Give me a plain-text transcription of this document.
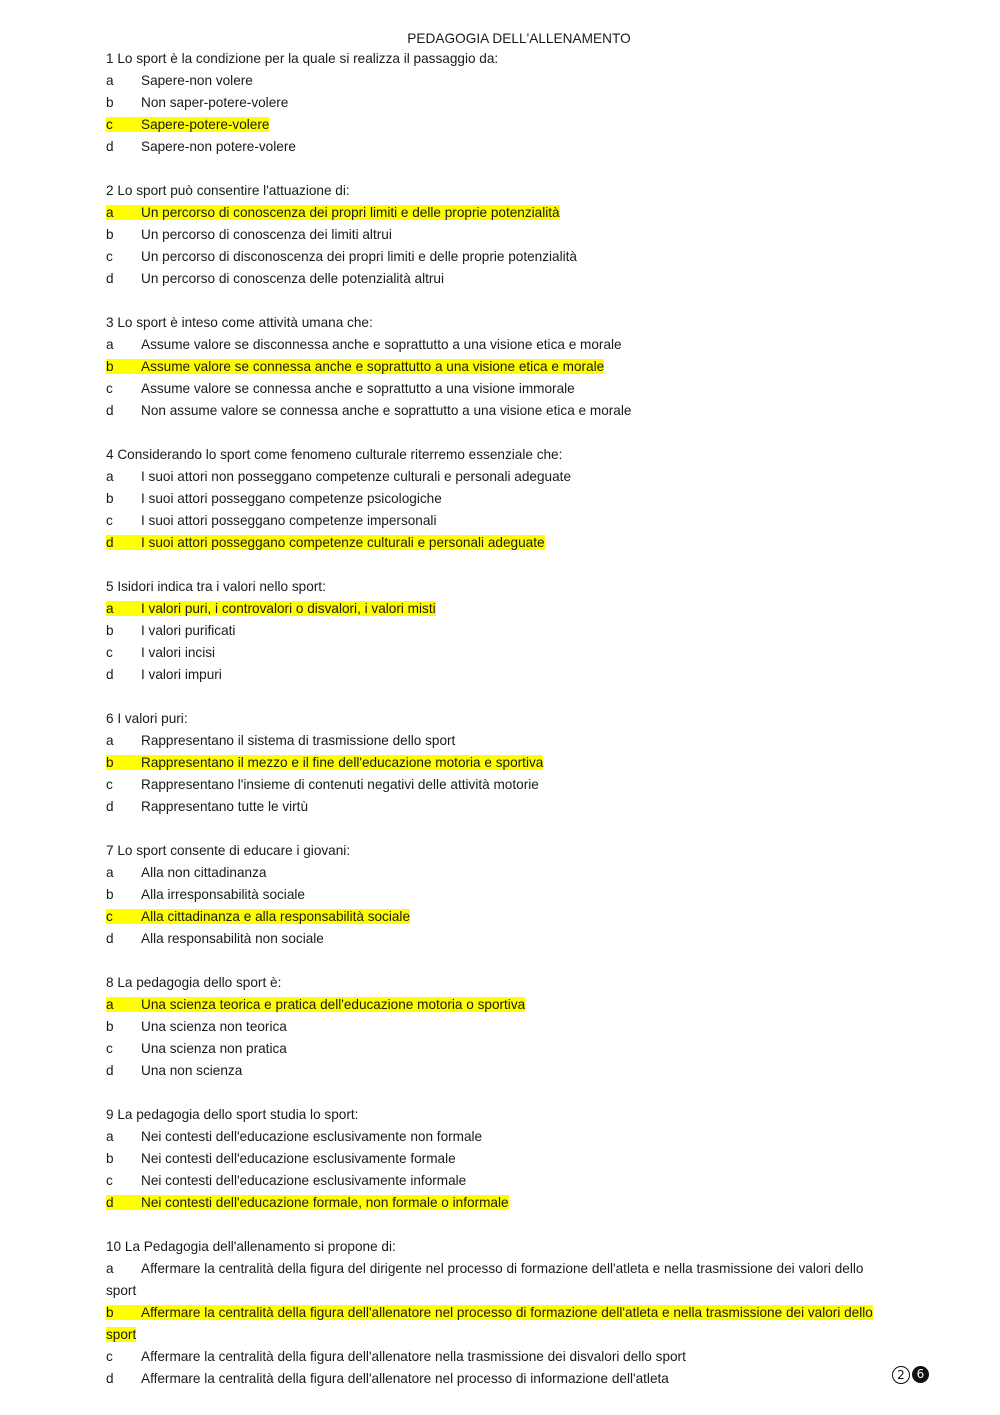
PEDAGOGIA DELL'ALLENAMENTO
1 Lo sport è la condizione per la quale si realizza il passaggio da:
a Sapere-non volere
b Non saper-potere-volere
c Sapere-potere-volere
d Sapere-non potere-volere
2 Lo sport può consentire l'attuazione di:
a Un percorso di conoscenza dei propri limiti e delle proprie potenzialità
b Un percorso di conoscenza dei limiti altrui
c Un percorso di disconoscenza dei propri limiti e delle proprie potenzialità
d Un percorso di conoscenza delle potenzialità altrui
3 Lo sport è inteso come attività umana che:
a Assume valore se disconnessa anche e soprattutto a una visione etica e morale
b Assume valore se connessa anche e soprattutto a una visione etica e morale
c Assume valore se connessa anche e soprattutto a una visione immorale
d Non assume valore se connessa anche e soprattutto a una visione etica e morale
4 Considerando lo sport come fenomeno culturale riterremo essenziale che:
a I suoi attori non posseggano competenze culturali e personali adeguate
b I suoi attori posseggano competenze psicologiche
c I suoi attori posseggano competenze impersonali
d I suoi attori posseggano competenze culturali e personali adeguate
5 Isidori indica tra i valori nello sport:
a I valori puri, i controvalori o disvalori, i valori misti
b I valori purificati
c I valori incisi
d I valori impuri
6 I valori puri:
a Rappresentano il sistema di trasmissione dello sport
b Rappresentano il mezzo e il fine dell'educazione motoria e sportiva
c Rappresentano l'insieme di contenuti negativi delle attività motorie
d Rappresentano tutte le virtù
7 Lo sport consente di educare i giovani:
a Alla non cittadinanza
b Alla irresponsabilità sociale
c Alla cittadinanza e alla responsabilità sociale
d Alla responsabilità non sociale
8 La pedagogia dello sport è:
a Una scienza teorica e pratica dell'educazione motoria o sportiva
b Una scienza non teorica
c Una scienza non pratica
d Una non scienza
9 La pedagogia dello sport studia lo sport:
a Nei contesti dell'educazione esclusivamente non formale
b Nei contesti dell'educazione esclusivamente formale
c Nei contesti dell'educazione esclusivamente informale
d Nei contesti dell'educazione formale, non formale o informale
10 La Pedagogia dell'allenamento si propone di:
a Affermare la centralità della figura del dirigente nel processo di formazione dell'atleta e nella trasmissione dei valori dello
sport
b Affermare la centralità della figura dell'allenatore nel processo di formazione dell'atleta e nella trasmissione dei valori dello
sport
c Affermare la centralità della figura dell'allenatore nella trasmissione dei disvalori dello sport
d Affermare la centralità della figura dell'allenatore nel processo di informazione dell'atleta	2 6
